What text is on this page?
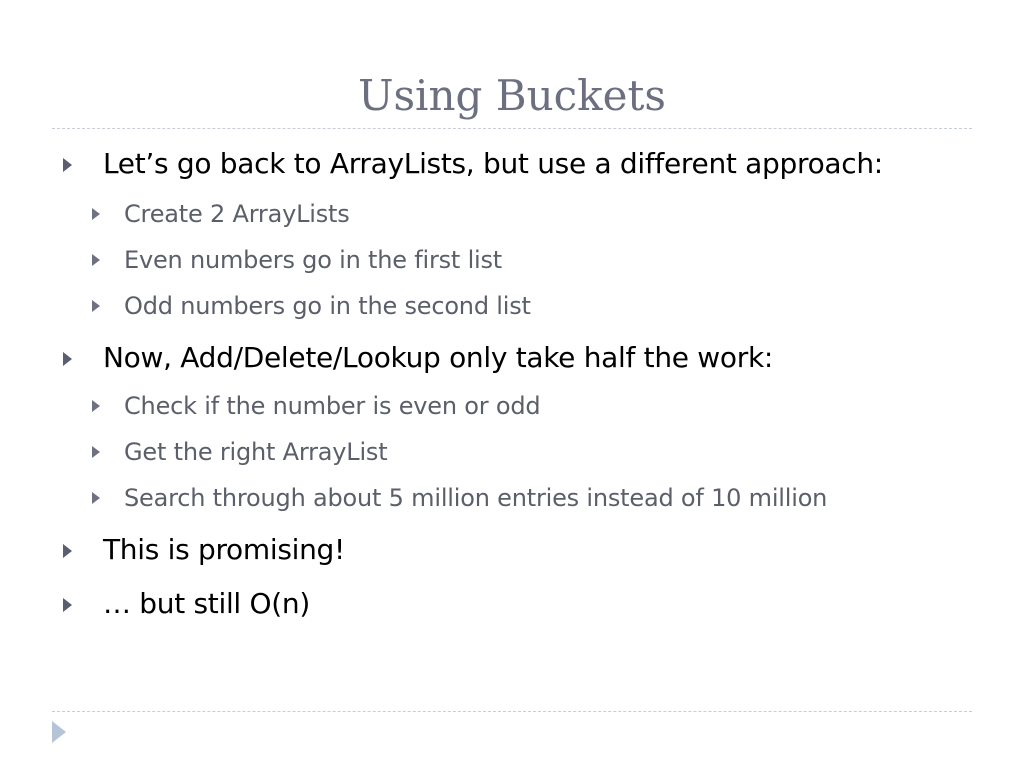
Using Buckets
Let’s go back to ArrayLists, but use a different approach:
Create 2 ArrayLists
Even numbers go in the first list
Odd numbers go in the second list
Now, Add/Delete/Lookup only take half the work:
Check if the number is even or odd
Get the right ArrayList
Search through about 5 million entries instead of 10 million
This is promising!
… but still O(n)
